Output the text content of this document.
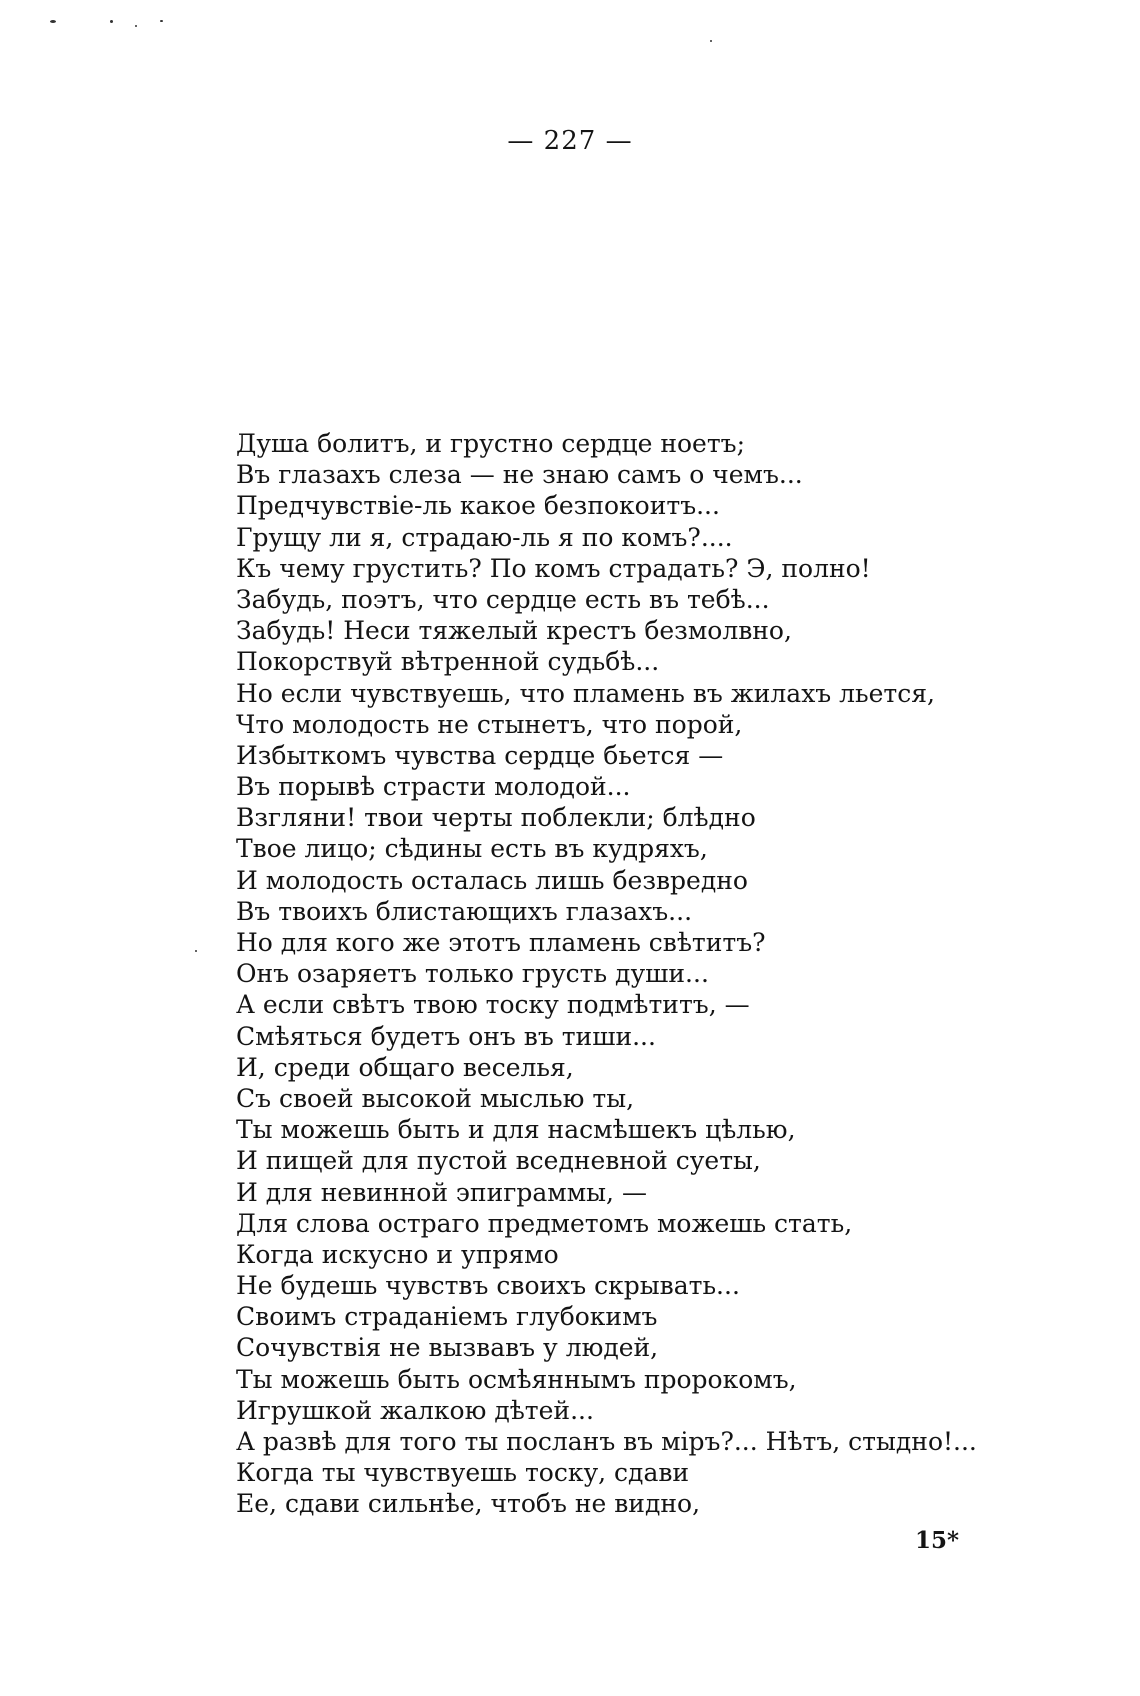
— 227 —
Душа болитъ, и грустно сердце ноетъ;
Въ глазахъ слеза — не знаю самъ о чемъ...
Предчувствіе-ль какое безпокоитъ...
Грущу ли я, страдаю-ль я по комъ?....
Къ чему грустить? По комъ страдать? Э, полно!
Забудь, поэтъ, что сердце есть въ тебѣ...
Забудь! Неси тяжелый крестъ безмолвно,
Покорствуй вѣтренной судьбѣ...
Но если чувствуешь, что пламень въ жилахъ льется,
Что молодость не стынетъ, что порой,
Избыткомъ чувства сердце бьется —
Въ порывѣ страсти молодой...
Взгляни! твои черты поблекли; блѣдно
Твое лицо; сѣдины есть въ кудряхъ,
И молодость осталась лишь безвредно
Въ твоихъ блистающихъ глазахъ...
Но для кого же этотъ пламень свѣтитъ?
Онъ озаряетъ только грусть души...
А если свѣтъ твою тоску подмѣтитъ, —
Смѣяться будетъ онъ въ тиши...
И, среди общаго веселья,
Съ своей высокой мыслью ты,
Ты можешь быть и для насмѣшекъ цѣлью,
И пищей для пустой вседневной суеты,
И для невинной эпиграммы, —
Для слова остраго предметомъ можешь стать,
Когда искусно и упрямо
Не будешь чувствъ своихъ скрывать...
Своимъ страданіемъ глубокимъ
Сочувствія не вызвавъ у людей,
Ты можешь быть осмѣяннымъ пророкомъ,
Игрушкой жалкою дѣтей...
А развѣ для того ты посланъ въ міръ?... Нѣтъ, стыдно!...
Когда ты чувствуешь тоску, сдави
Ее, сдави сильнѣе, чтобъ не видно,
15*
